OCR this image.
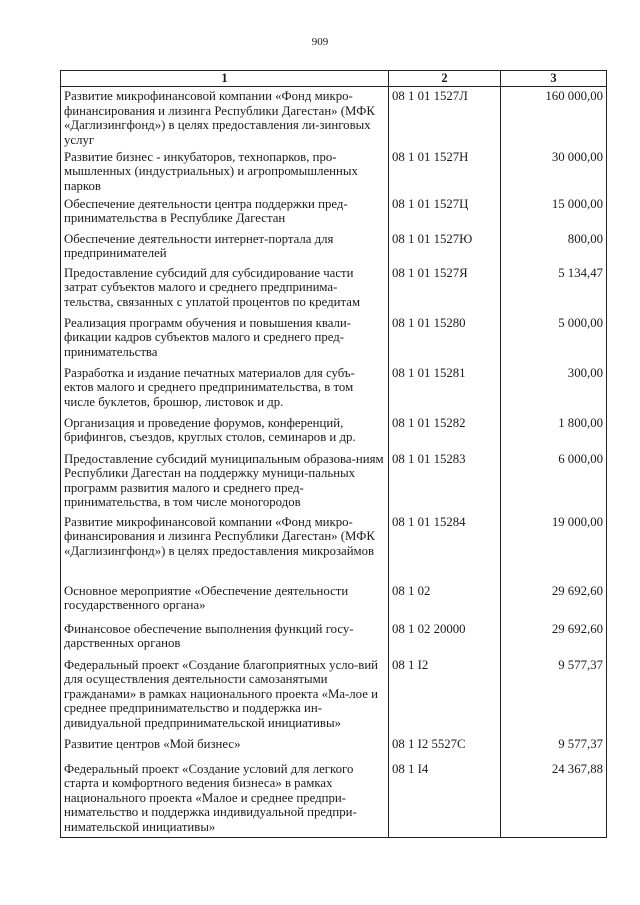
909
1	2	3
Развитие микрофинансовой компании «Фонд микро-финансирования и лизинга Республики Дагестан» (МФК «Даглизингфонд») в целях предоставления ли-зинговых услуг	08 1 01 1527Л	160 000,00
Развитие бизнес - инкубаторов, технопарков, про-мышленных (индустриальных) и агропромышленных парков	08 1 01 1527Н	30 000,00
Обеспечение деятельности центра поддержки пред-принимательства в Республике Дагестан	08 1 01 1527Ц	15 000,00
Обеспечение деятельности интернет-портала для предпринимателей	08 1 01 1527Ю	800,00
Предоставление субсидий для субсидирование части затрат субъектов малого и среднего предпринима-тельства, связанных с уплатой процентов по кредитам	08 1 01 1527Я	5 134,47
Реализация программ обучения и повышения квали-фикации кадров субъектов малого и среднего пред-принимательства	08 1 01 15280	5 000,00
Разработка и издание печатных материалов для субъ-ектов малого и среднего предпринимательства, в том числе буклетов, брошюр, листовок и др.	08 1 01 15281	300,00
Организация и проведение форумов, конференций, брифингов, съездов, круглых столов, семинаров и др.	08 1 01 15282	1 800,00
Предоставление субсидий муниципальным образова-ниям Республики Дагестан на поддержку муници-пальных программ развития малого и среднего пред-принимательства, в том числе моногородов	08 1 01 15283	6 000,00
Развитие микрофинансовой компании «Фонд микро-финансирования и лизинга Республики Дагестан» (МФК «Даглизингфонд») в целях предоставления микрозаймов	08 1 01 15284	19 000,00
Основное мероприятие «Обеспечение деятельности государственного органа»	08 1 02	29 692,60
Финансовое обеспечение выполнения функций госу-дарственных органов	08 1 02 20000	29 692,60
Федеральный проект «Создание благоприятных усло-вий для осуществления деятельности самозанятыми гражданами» в рамках национального проекта «Ма-лое и среднее предпринимательство и поддержка ин-дивидуальной предпринимательской инициативы»	08 1 I2	9 577,37
Развитие центров «Мой бизнес»	08 1 I2 5527С	9 577,37
Федеральный проект «Создание условий для легкого старта и комфортного ведения бизнеса» в рамках национального проекта «Малое и среднее предпри-нимательство и поддержка индивидуальной предпри-нимательской инициативы»	08 1 I4	24 367,88
